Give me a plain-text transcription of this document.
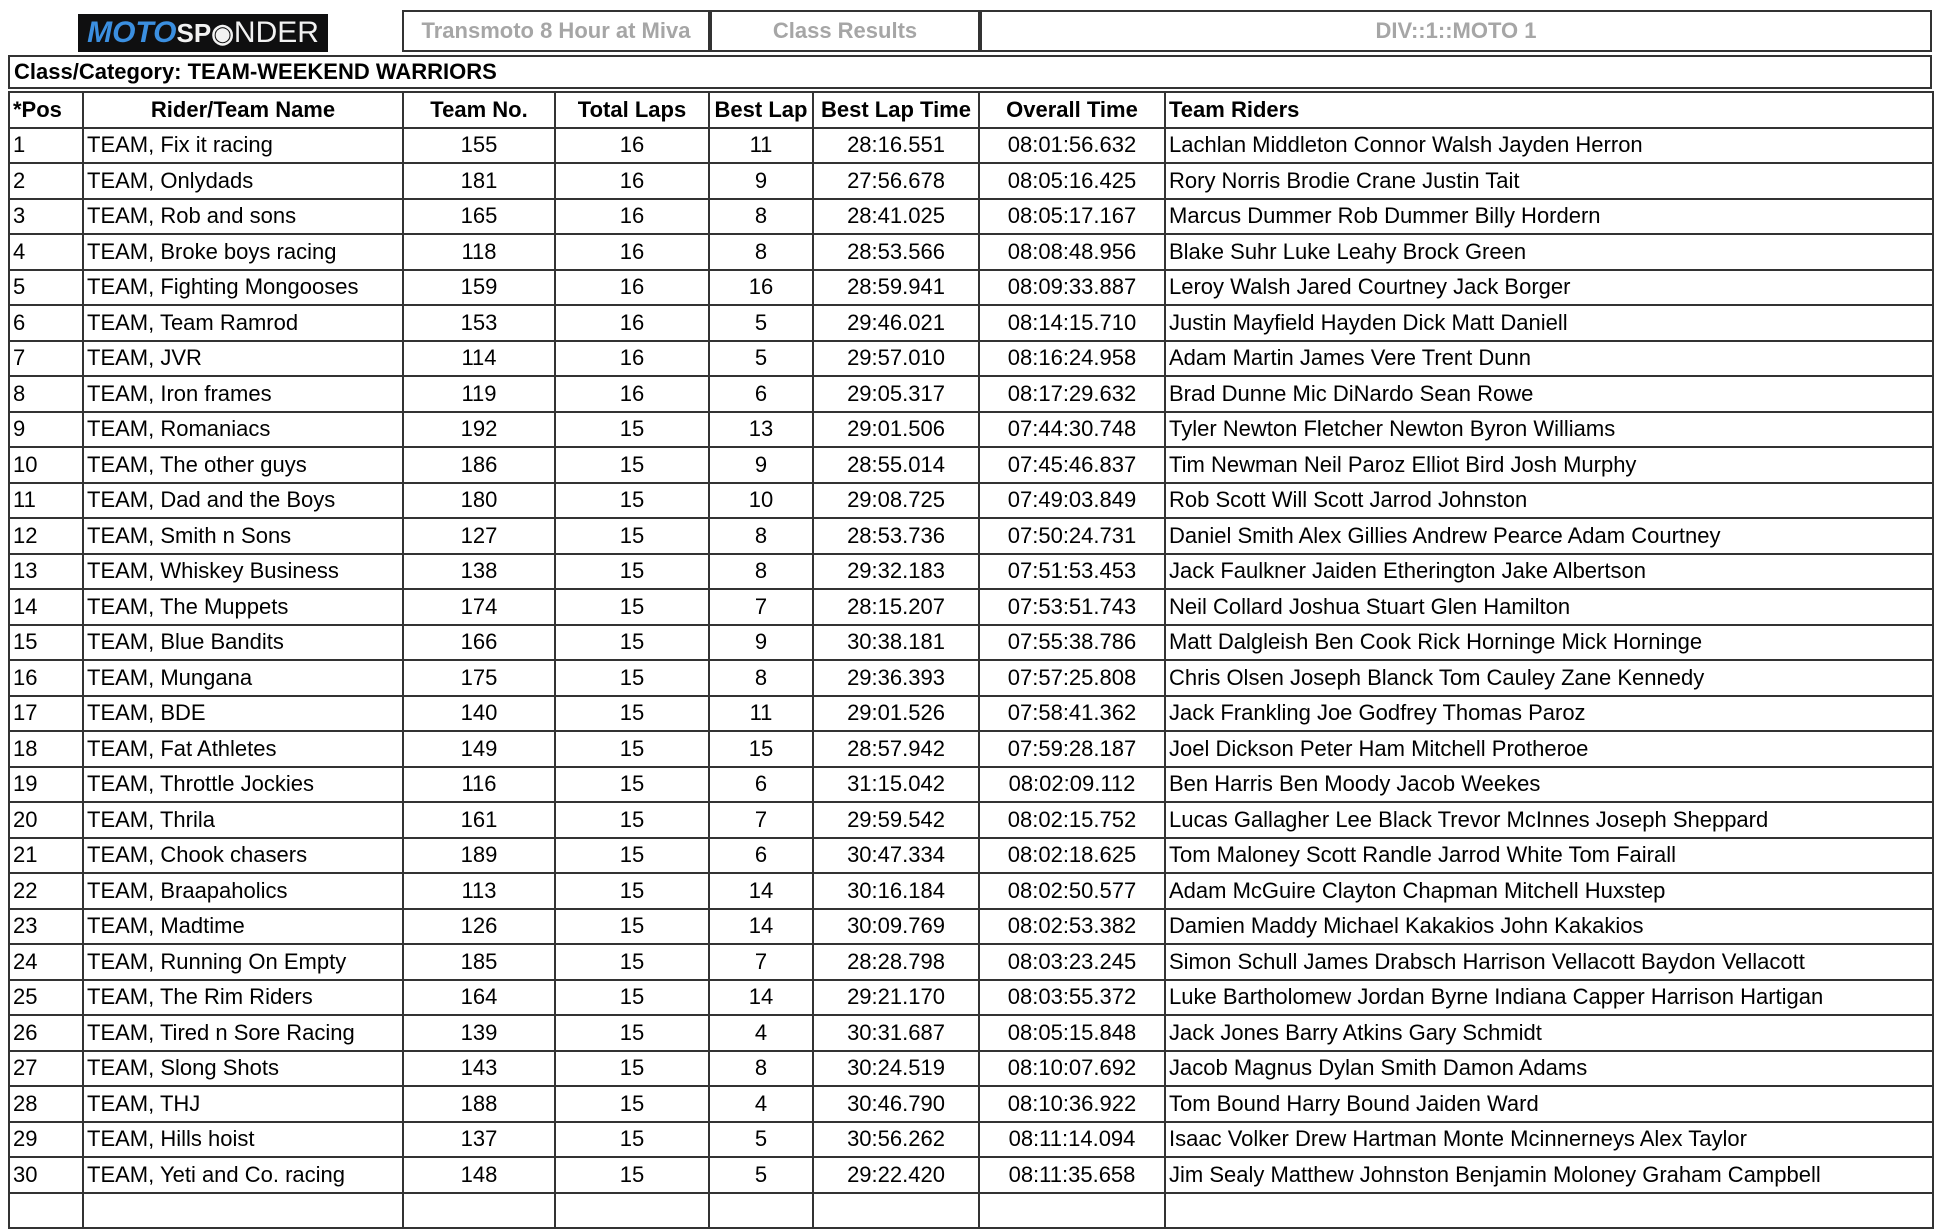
MOTO SP ◉ NDER	Transmoto 8 Hour at Miva	Class Results	DIV::1::MOTO 1
Class/Category: TEAM-WEEKEND WARRIORS
*Pos	Rider/Team Name	Team No.	Total Laps	Best Lap	Best Lap Time	Overall Time	Team Riders
1	TEAM, Fix it racing	155	16	11	28:16.551	08:01:56.632	Lachlan Middleton Connor Walsh Jayden Herron
2	TEAM, Onlydads	181	16	9	27:56.678	08:05:16.425	Rory Norris Brodie Crane Justin Tait
3	TEAM, Rob and sons	165	16	8	28:41.025	08:05:17.167	Marcus Dummer Rob Dummer Billy Hordern
4	TEAM, Broke boys racing	118	16	8	28:53.566	08:08:48.956	Blake Suhr Luke Leahy Brock Green
5	TEAM, Fighting Mongooses	159	16	16	28:59.941	08:09:33.887	Leroy Walsh Jared Courtney Jack Borger
6	TEAM, Team Ramrod	153	16	5	29:46.021	08:14:15.710	Justin Mayfield Hayden Dick Matt Daniell
7	TEAM, JVR	114	16	5	29:57.010	08:16:24.958	Adam Martin James Vere Trent Dunn
8	TEAM, Iron frames	119	16	6	29:05.317	08:17:29.632	Brad Dunne Mic DiNardo Sean Rowe
9	TEAM, Romaniacs	192	15	13	29:01.506	07:44:30.748	Tyler Newton Fletcher Newton Byron Williams
10	TEAM, The other guys	186	15	9	28:55.014	07:45:46.837	Tim Newman Neil Paroz Elliot Bird Josh Murphy
11	TEAM, Dad and the Boys	180	15	10	29:08.725	07:49:03.849	Rob Scott Will Scott Jarrod Johnston
12	TEAM, Smith n Sons	127	15	8	28:53.736	07:50:24.731	Daniel Smith Alex Gillies Andrew Pearce Adam Courtney
13	TEAM, Whiskey Business	138	15	8	29:32.183	07:51:53.453	Jack Faulkner Jaiden Etherington Jake Albertson
14	TEAM, The Muppets	174	15	7	28:15.207	07:53:51.743	Neil Collard Joshua Stuart Glen Hamilton
15	TEAM, Blue Bandits	166	15	9	30:38.181	07:55:38.786	Matt Dalgleish Ben Cook Rick Horninge Mick Horninge
16	TEAM, Mungana	175	15	8	29:36.393	07:57:25.808	Chris Olsen Joseph Blanck Tom Cauley Zane Kennedy
17	TEAM, BDE	140	15	11	29:01.526	07:58:41.362	Jack Frankling Joe Godfrey Thomas Paroz
18	TEAM, Fat Athletes	149	15	15	28:57.942	07:59:28.187	Joel Dickson Peter Ham Mitchell Protheroe
19	TEAM, Throttle Jockies	116	15	6	31:15.042	08:02:09.112	Ben Harris Ben Moody Jacob Weekes
20	TEAM, Thrila	161	15	7	29:59.542	08:02:15.752	Lucas Gallagher Lee Black Trevor McInnes Joseph Sheppard
21	TEAM, Chook chasers	189	15	6	30:47.334	08:02:18.625	Tom Maloney Scott Randle Jarrod White Tom Fairall
22	TEAM, Braapaholics	113	15	14	30:16.184	08:02:50.577	Adam McGuire Clayton Chapman Mitchell Huxstep
23	TEAM, Madtime	126	15	14	30:09.769	08:02:53.382	Damien Maddy Michael Kakakios John Kakakios
24	TEAM, Running On Empty	185	15	7	28:28.798	08:03:23.245	Simon Schull James Drabsch Harrison Vellacott Baydon Vellacott
25	TEAM, The Rim Riders	164	15	14	29:21.170	08:03:55.372	Luke Bartholomew Jordan Byrne Indiana Capper Harrison Hartigan
26	TEAM, Tired n Sore Racing	139	15	4	30:31.687	08:05:15.848	Jack Jones Barry Atkins Gary Schmidt
27	TEAM, Slong Shots	143	15	8	30:24.519	08:10:07.692	Jacob Magnus Dylan Smith Damon Adams
28	TEAM, THJ	188	15	4	30:46.790	08:10:36.922	Tom Bound Harry Bound Jaiden Ward
29	TEAM, Hills hoist	137	15	5	30:56.262	08:11:14.094	Isaac Volker Drew Hartman Monte Mcinnerneys Alex Taylor
30	TEAM, Yeti and Co. racing	148	15	5	29:22.420	08:11:35.658	Jim Sealy Matthew Johnston Benjamin Moloney Graham Campbell
